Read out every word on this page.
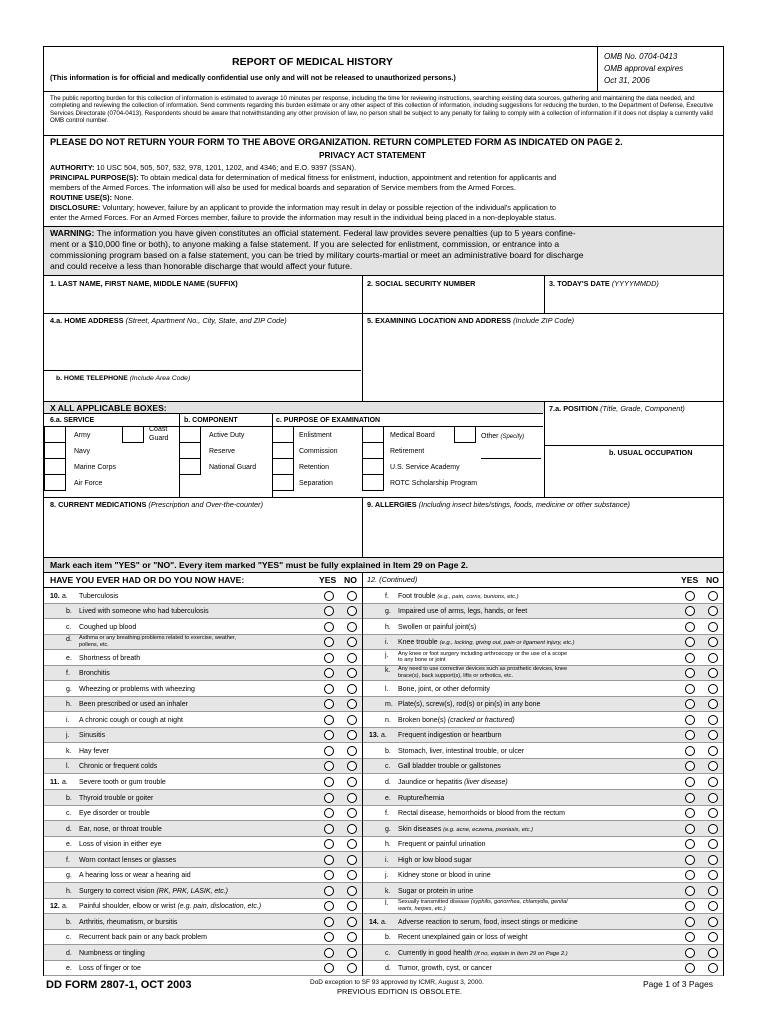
REPORT OF MEDICAL HISTORY
(This information is for official and medically confidential use only and will not be released to unauthorized persons.)
OMB No. 0704-0413
OMB approval expires
Oct 31, 2006
The public reporting burden for this collection of information is estimated to average 10 minutes per response, including the time for reviewing instructions, searching existing data sources, gathering and maintaining the data needed, and completing and reviewing the collection of information. Send comments regarding this burden estimate or any other aspect of this collection of information, including suggestions for reducing the burden, to the Department of Defense, Executive Services Directorate (0704-0413). Respondents should be aware that notwithstanding any other provision of law, no person shall be subject to any penalty for failing to comply with a collection of information if it does not display a currently valid OMB control number.
PLEASE DO NOT RETURN YOUR FORM TO THE ABOVE ORGANIZATION. RETURN COMPLETED FORM AS INDICATED ON PAGE 2.
PRIVACY ACT STATEMENT
AUTHORITY: 10 USC 504, 505, 507, 532, 978, 1201, 1202, and 4346; and E.O. 9397 (SSAN).
PRINCIPAL PURPOSE(S): To obtain medical data for determination of medical fitness for enlistment, induction, appointment and retention for applicants and
members of the Armed Forces. The information will also be used for medical boards and separation of Service members from the Armed Forces.
ROUTINE USE(S): None.
DISCLOSURE: Voluntary; however, failure by an applicant to provide the information may result in delay or possible rejection of the individual's application to
enter the Armed Forces. For an Armed Forces member, failure to provide the information may result in the individual being placed in a non-deployable status.
WARNING: The information you have given constitutes an official statement. Federal law provides severe penalties (up to 5 years confine-
ment or a $10,000 fine or both), to anyone making a false statement. If you are selected for enlistment, commission, or entrance into a
commissioning program based on a false statement, you can be tried by military courts-martial or meet an administrative board for discharge
and could receive a less than honorable discharge that would affect your future.
1. LAST NAME, FIRST NAME, MIDDLE NAME (SUFFIX)	2. SOCIAL SECURITY NUMBER	3. TODAY'S DATE (YYYYMMDD)
4.a. HOME ADDRESS (Street, Apartment No., City, State, and ZIP Code)	5. EXAMINING LOCATION AND ADDRESS (Include ZIP Code)
b. HOME TELEPHONE (Include Area Code)
X ALL APPLICABLE BOXES:	7.a. POSITION (Title, Grade, Component)
6.a. SERVICE	b. COMPONENT	c. PURPOSE OF EXAMINATION
Army
Coast
Guard
Navy
Marine Corps
Air Force
Active Duty
Reserve
National Guard
Enlistment
Commission
Retention
Separation
Medical Board	Other (Specify)
Retirement
U.S. Service Academy
ROTC Scholarship Program
b. USUAL OCCUPATION
8. CURRENT MEDICATIONS (Prescription and Over-the-counter)	9. ALLERGIES (Including insect bites/stings, foods, medicine or other substance)
Mark each item "YES" or "NO". Every item marked "YES" must be fully explained in Item 29 on Page 2.
HAVE YOU EVER HAD OR DO YOU NOW HAVE:	YES NO 12. (Continued)	YES NO
10. a. Tuberculosis
b. Lived with someone who had tuberculosis
c. Coughed up blood
d. Asthma or any breathing problems related to exercise, weather,
pollens, etc.
e. Shortness of breath
f. Bronchitis
g. Wheezing or problems with wheezing
h. Been prescribed or used an inhaler
i. A chronic cough or cough at night
j. Sinusitis
k. Hay fever
l. Chronic or frequent colds
11. a. Severe tooth or gum trouble
b. Thyroid trouble or goiter
c. Eye disorder or trouble
d. Ear, nose, or throat trouble
e. Loss of vision in either eye
f. Worn contact lenses or glasses
g. A hearing loss or wear a hearing aid
h. Surgery to correct vision (RK, PRK, LASIK, etc.)
12. a. Painful shoulder, elbow or wrist (e.g. pain, dislocation, etc.)
b. Arthritis, rheumatism, or bursitis
c. Recurrent back pain or any back problem
d. Numbness or tingling
e. Loss of finger or toe
f. Foot trouble (e.g., pain, corns, bunions, etc.)
g. Impaired use of arms, legs, hands, or feet
h. Swollen or painful joint(s)
i. Knee trouble (e.g., locking, giving out, pain or ligament injury, etc.)
j. Any knee or foot surgery including arthroscopy or the use of a scope
to any bone or joint
k. Any need to use corrective devices such as prosthetic devices, knee
brace(s), back support(s), lifts or orthotics, etc.
l. Bone, joint, or other deformity
m. Plate(s), screw(s), rod(s) or pin(s) in any bone
n. Broken bone(s) (cracked or fractured)
13. a. Frequent indigestion or heartburn
b. Stomach, liver, intestinal trouble, or ulcer
c. Gall bladder trouble or gallstones
d. Jaundice or hepatitis (liver disease)
e. Rupture/hernia
f. Rectal disease, hemorrhoids or blood from the rectum
g. Skin diseases (e.g. acne, eczema, psoriasis, etc.)
h. Frequent or painful urination
i. High or low blood sugar
j. Kidney stone or blood in urine
k. Sugar or protein in urine
l. Sexually transmitted disease (syphilis, gonorrhea, chlamydia, genital
warts, herpes, etc.)
14. a. Adverse reaction to serum, food, insect stings or medicine
b. Recent unexplained gain or loss of weight
c. Currently in good health (If no, explain in Item 29 on Page 2.)
d. Tumor, growth, cyst, or cancer
DD FORM 2807-1, OCT 2003	DoD exception to SF 93 approved by ICMR, August 3, 2000.
PREVIOUS EDITION IS OBSOLETE.
Page 1 of 3 Pages
